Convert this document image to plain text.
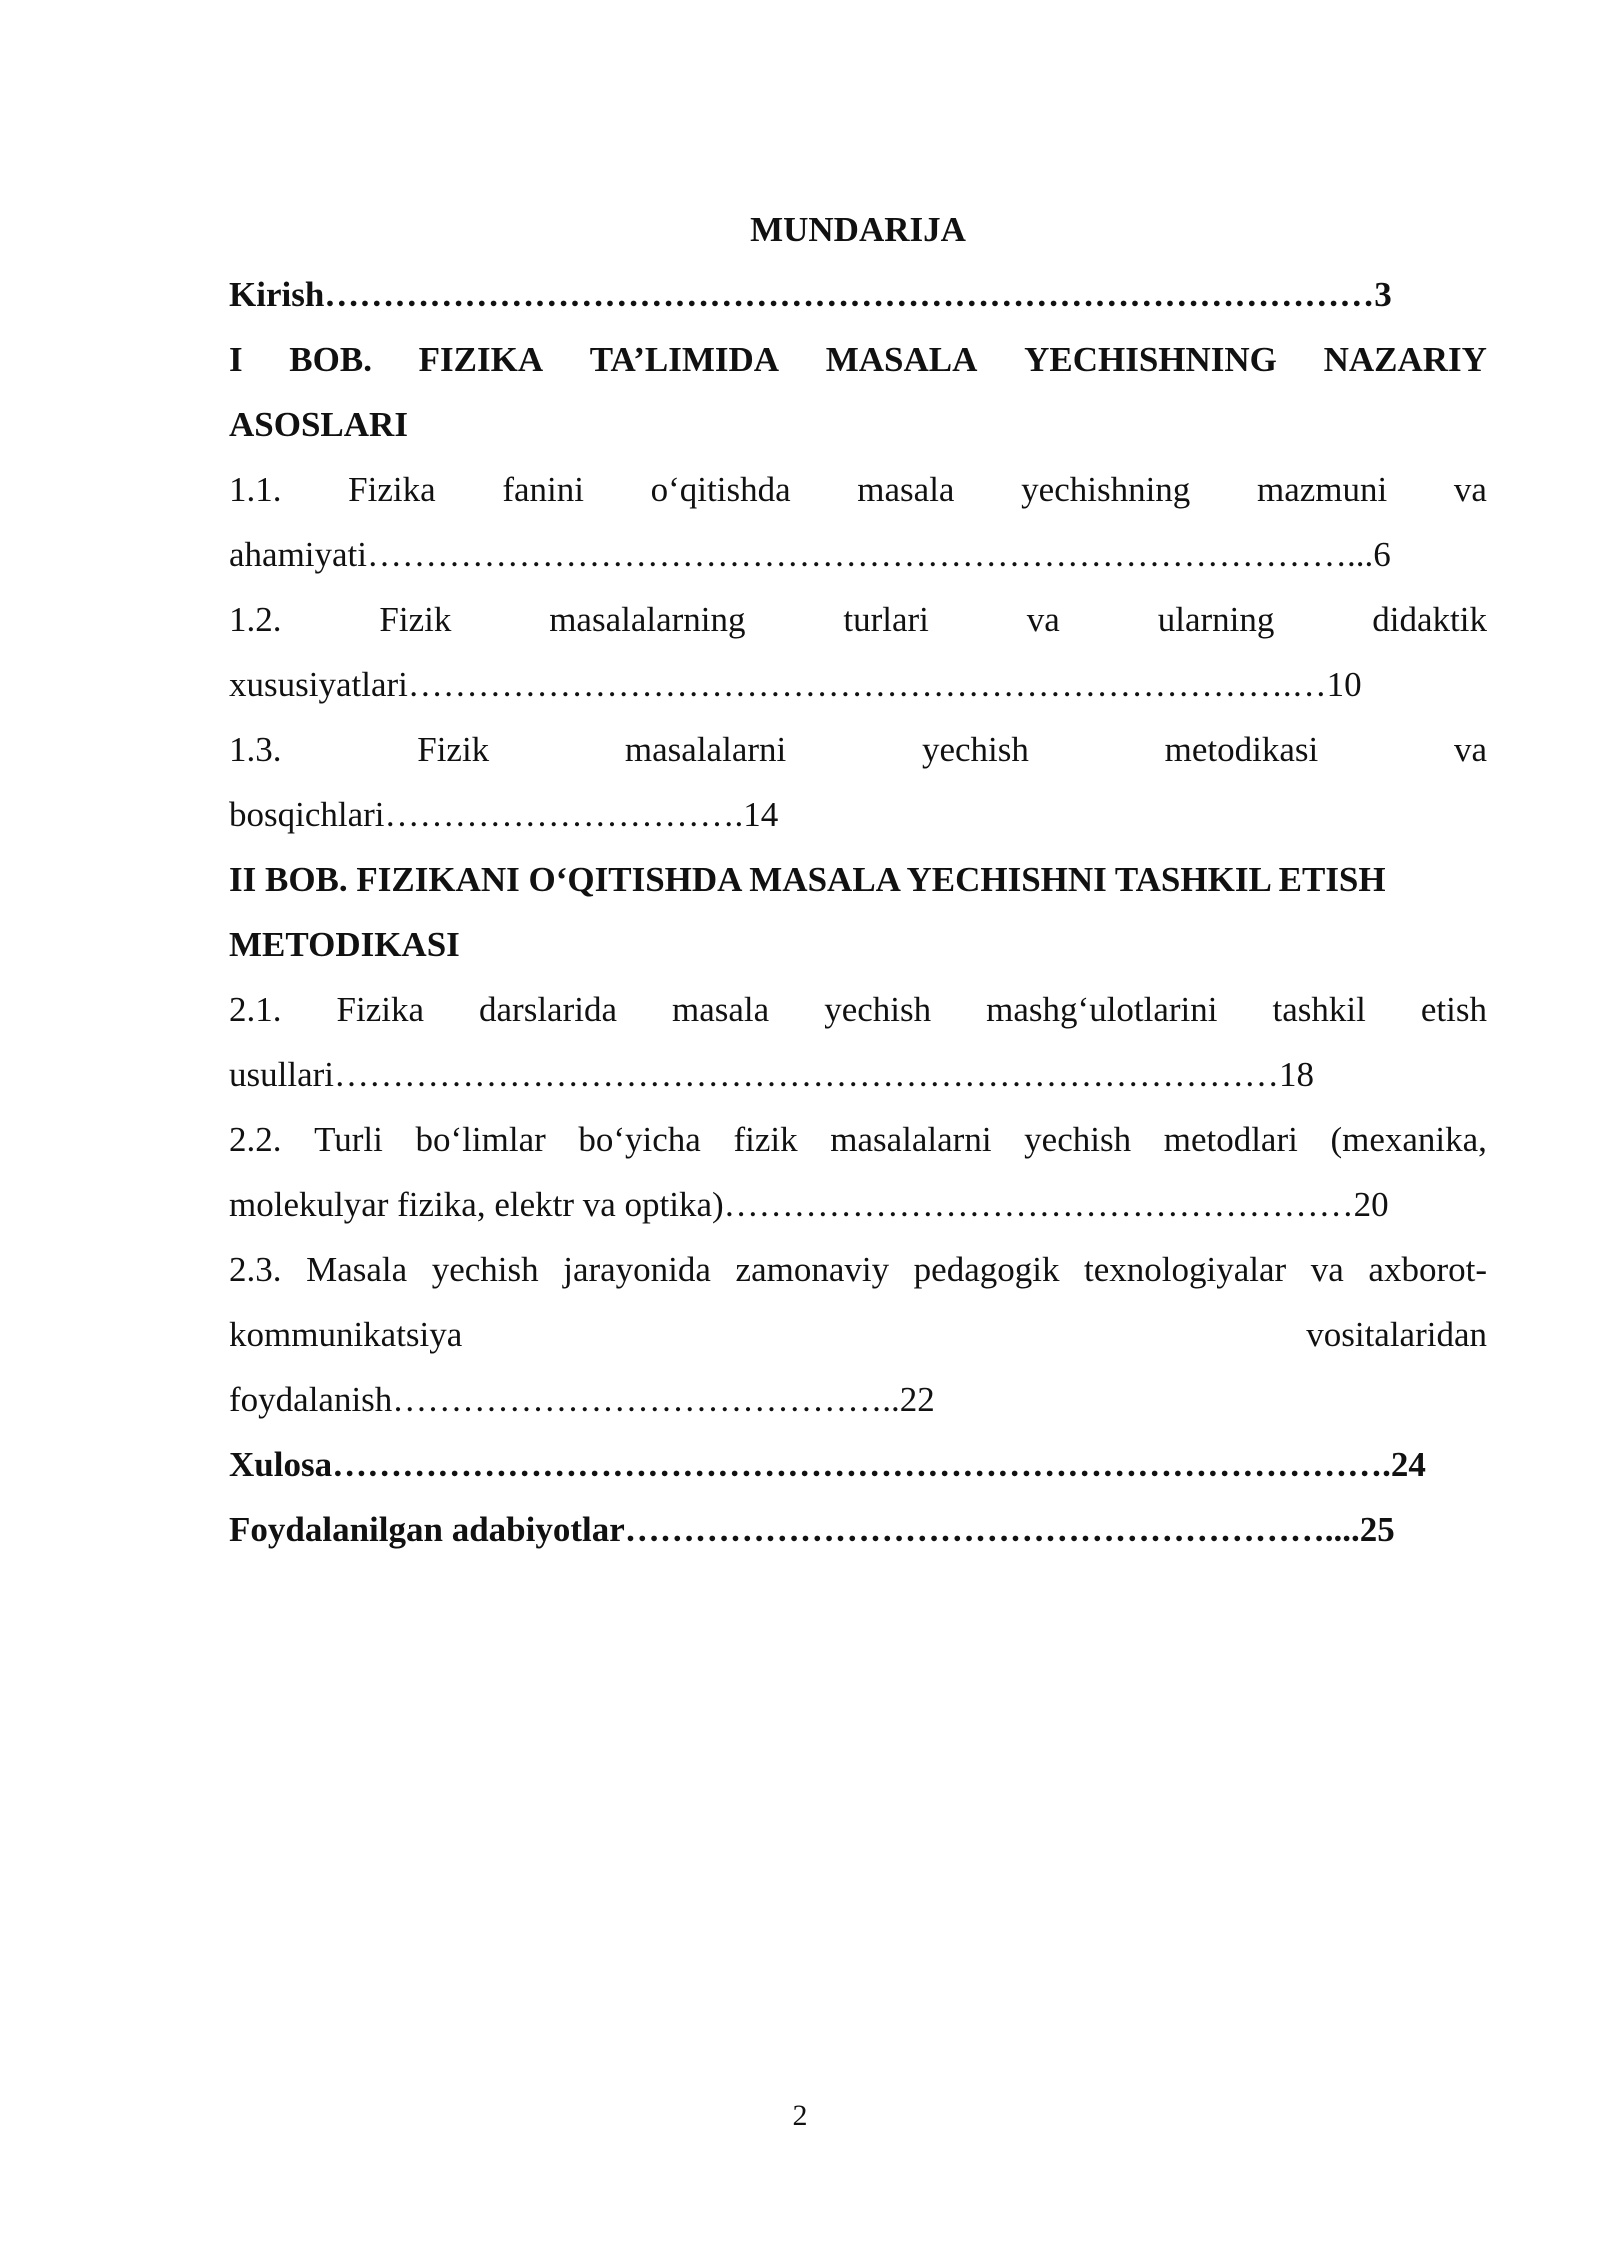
MUNDARIJA
Kirish………………………………………………………………………………3
I BOB. FIZIKA TA’LIMIDA MASALA YECHISHNING NAZARIY
ASOSLARI
1.1. Fizika fanini o‘qitishda masala yechishning mazmuni va
ahamiyati…………………………………………………………………………...6
1.2.	Fizik	masalalarning	turlari	va	ularning	didaktik
xususiyatlari………………………………………………………………….…10
1.3.	Fizik	masalalarni	yechish	metodikasi	va
bosqichlari………………………….14
II BOB. FIZIKANI O‘QITISHDA MASALA YECHISHNI TASHKIL ETISH
METODIKASI
2.1. Fizika darslarida masala yechish mashg‘ulotlarini tashkil etish
usullari………………………………………………………………………18
2.2. Turli bo‘limlar bo‘yicha fizik masalalarni yechish metodlari (mexanika,
molekulyar fizika, elektr va optika)………………………………………………20
2.3. Masala yechish jarayonida zamonaviy pedagogik texnologiyalar va axborot-
kommunikatsiya	vositalaridan
foydalanish……………………………………..22
Xulosa……………………………………………………………………………….24
Foydalanilgan adabiyotlar……………………………………………………....25
2
